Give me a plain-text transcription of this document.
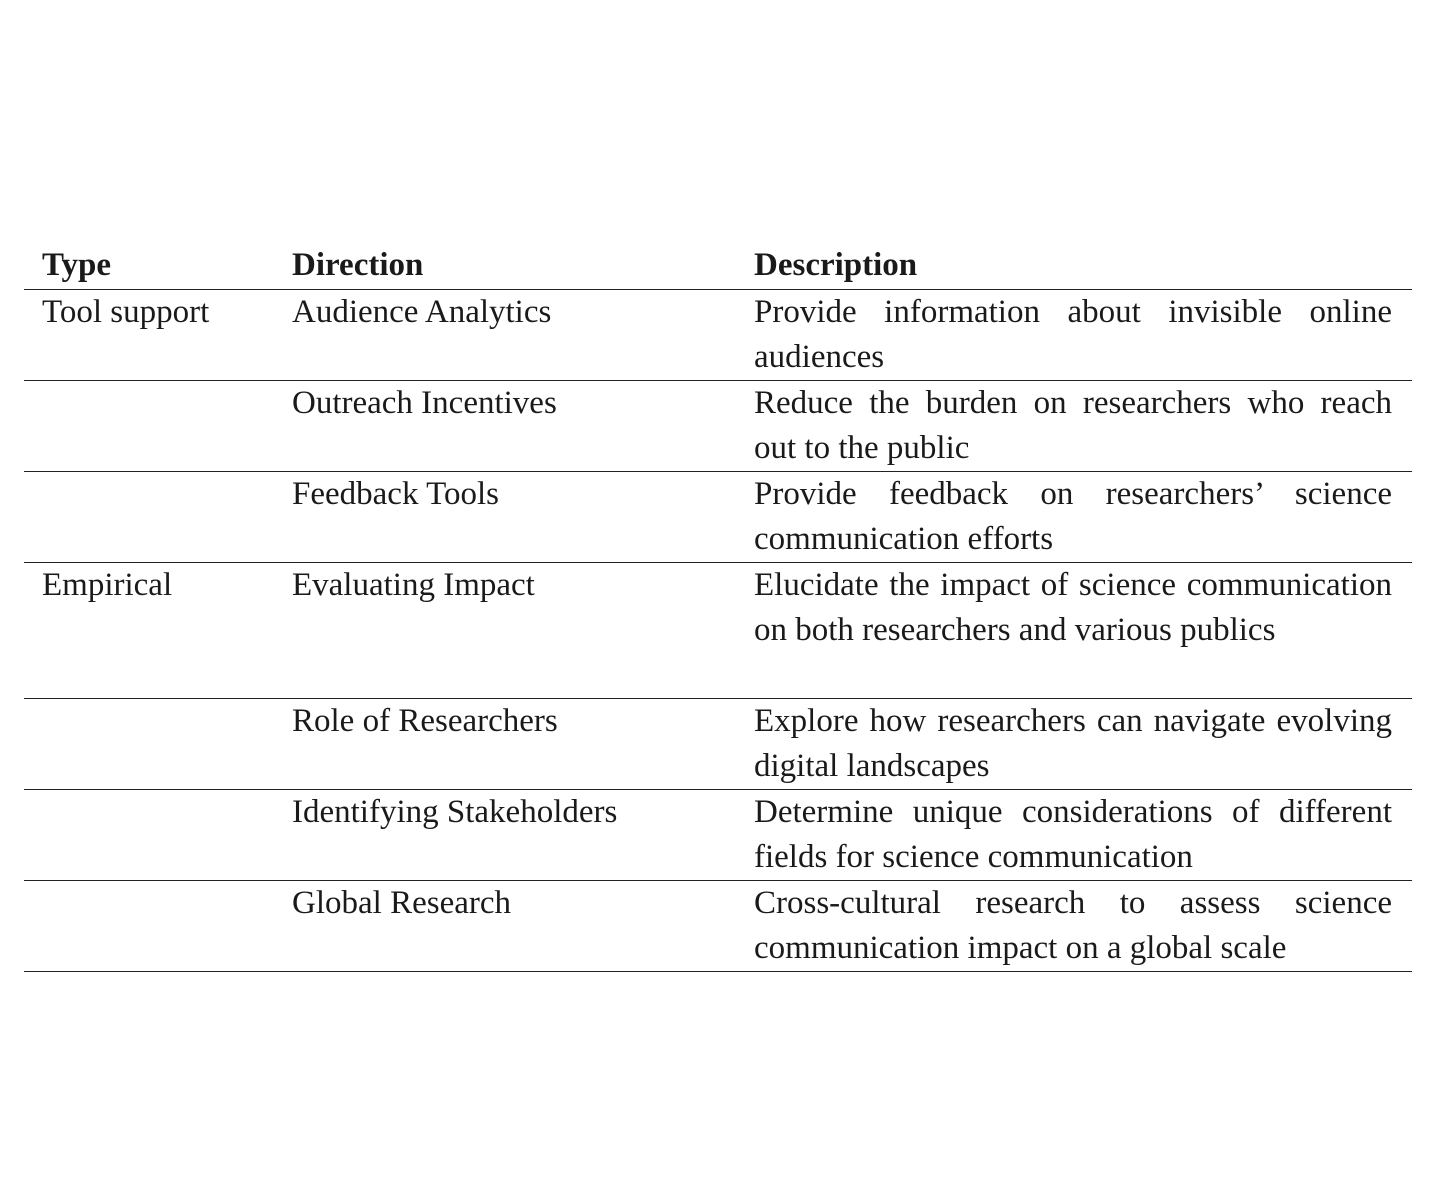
Type	Direction	Description
Tool support	Audience Analytics	Provide information about invisible online audiences
	Outreach Incentives	Reduce the burden on researchers who reach out to the public
	Feedback Tools	Provide feedback on researchers’ science communication efforts
Empirical	Evaluating Impact	Elucidate the impact of science communication on both researchers and various publics
	Role of Researchers	Explore how researchers can navigate evolving digital landscapes
	Identifying Stakeholders	Determine unique considerations of different fields for science communication
	Global Research	Cross-cultural research to assess science communication impact on a global scale
